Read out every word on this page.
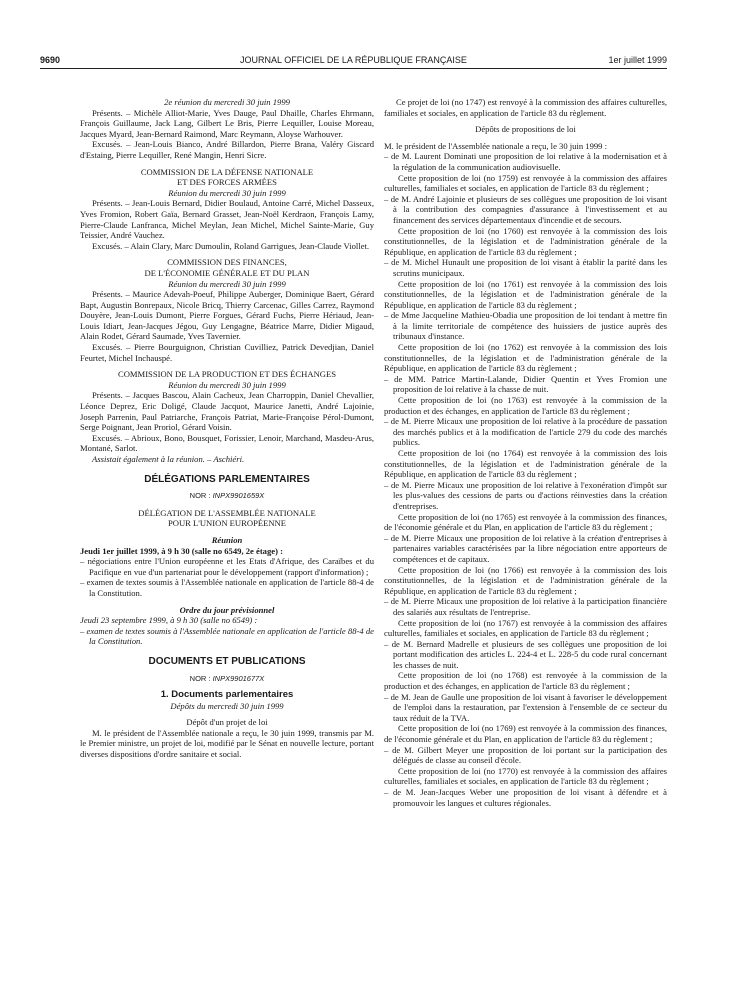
9690	JOURNAL OFFICIEL DE LA RÉPUBLIQUE FRANÇAISE	1er juillet 1999

2e réunion du mercredi 30 juin 1999

Présents. – Michèle Alliot-Marie, Yves Dauge, Paul Dhaille, Charles Ehrmann, François Guillaume, Jack Lang, Gilbert Le Bris, Pierre Lequiller, Louise Moreau, Jacques Myard, Jean-Bernard Raimond, Marc Reymann, Aloyse Warhouver.

Excusés. – Jean-Louis Bianco, André Billardon, Pierre Brana, Valéry Giscard d'Estaing, Pierre Lequiller, René Mangin, Henri Sicre.

COMMISSION DE LA DÉFENSE NATIONALE

ET DES FORCES ARMÉES

Réunion du mercredi 30 juin 1999

Présents. – Jean-Louis Bernard, Didier Boulaud, Antoine Carré, Michel Dasseux, Yves Fromion, Robert Gaïa, Bernard Grasset, Jean-Noël Kerdraon, François Lamy, Pierre-Claude Lanfranca, Michel Meylan, Jean Michel, Michel Sainte-Marie, Guy Teissier, André Vauchez.

Excusés. – Alain Clary, Marc Dumoulin, Roland Garrigues, Jean-Claude Viollet.

COMMISSION DES FINANCES,

DE L'ÉCONOMIE GÉNÉRALE ET DU PLAN

Réunion du mercredi 30 juin 1999

Présents. – Maurice Adevah-Poeuf, Philippe Auberger, Dominique Baert, Gérard Bapt, Augustin Bonrepaux, Nicole Bricq, Thierry Carcenac, Gilles Carrez, Raymond Douyère, Jean-Louis Dumont, Pierre Forgues, Gérard Fuchs, Pierre Hériaud, Jean-Louis Idiart, Jean-Jacques Jégou, Guy Lengagne, Béatrice Marre, Didier Migaud, Alain Rodet, Gérard Saumade, Yves Tavernier.

Excusés. – Pierre Bourguignon, Christian Cuvilliez, Patrick Devedjian, Daniel Feurtet, Michel Inchauspé.

COMMISSION DE LA PRODUCTION ET DES ÉCHANGES

Réunion du mercredi 30 juin 1999

Présents. – Jacques Bascou, Alain Cacheux, Jean Charroppin, Daniel Chevallier, Léonce Deprez, Eric Doligé, Claude Jacquot, Maurice Janetti, André Lajoinie, Joseph Parrenin, Paul Patriarche, François Patriat, Marie-Françoise Pérol-Dumont, Serge Poignant, Jean Proriol, Gérard Voisin.

Excusés. – Abrioux, Bono, Bousquet, Forissier, Lenoir, Marchand, Masdeu-Arus, Montané, Sarlot.

Assistait également à la réunion. – Aschiéri.

DÉLÉGATIONS PARLEMENTAIRES

NOR : INPX9901659X

DÉLÉGATION DE L'ASSEMBLÉE NATIONALE

POUR L'UNION EUROPÉENNE

Réunion

Jeudi 1er juillet 1999, à 9 h 30 (salle no 6549, 2e étage) :

– négociations entre l'Union européenne et les Etats d'Afrique, des Caraïbes et du Pacifique en vue d'un partenariat pour le développement (rapport d'information) ;

– examen de textes soumis à l'Assemblée nationale en application de l'article 88-4 de la Constitution.

Ordre du jour prévisionnel

Jeudi 23 septembre 1999, à 9 h 30 (salle no 6549) :

– examen de textes soumis à l'Assemblée nationale en application de l'article 88-4 de la Constitution.

DOCUMENTS ET PUBLICATIONS

NOR : INPX9901677X

1. Documents parlementaires

Dépôts du mercredi 30 juin 1999

Dépôt d'un projet de loi

M. le président de l'Assemblée nationale a reçu, le 30 juin 1999, transmis par M. le Premier ministre, un projet de loi, modifié par le Sénat en nouvelle lecture, portant diverses dispositions d'ordre sanitaire et social.

Ce projet de loi (no 1747) est renvoyé à la commission des affaires culturelles, familiales et sociales, en application de l'article 83 du règlement.

Dépôts de propositions de loi

M. le président de l'Assemblée nationale a reçu, le 30 juin 1999 :

– de M. Laurent Dominati une proposition de loi relative à la modernisation et à la régulation de la communication audiovisuelle.

Cette proposition de loi (no 1759) est renvoyée à la commission des affaires culturelles, familiales et sociales, en application de l'article 83 du règlement ;

– de M. André Lajoinie et plusieurs de ses collègues une proposition de loi visant à la contribution des compagnies d'assurance à l'investissement et au financement des services départementaux d'incendie et de secours.

Cette proposition de loi (no 1760) est renvoyée à la commission des lois constitutionnelles, de la législation et de l'administration générale de la République, en application de l'article 83 du règlement ;

– de M. Michel Hunault une proposition de loi visant à établir la parité dans les scrutins municipaux.

Cette proposition de loi (no 1761) est renvoyée à la commission des lois constitutionnelles, de la législation et de l'administration générale de la République, en application de l'article 83 du règlement ;

– de Mme Jacqueline Mathieu-Obadia une proposition de loi tendant à mettre fin à la limite territoriale de compétence des huissiers de justice auprès des tribunaux d'instance.

Cette proposition de loi (no 1762) est renvoyée à la commission des lois constitutionnelles, de la législation et de l'administration générale de la République, en application de l'article 83 du règlement ;

– de MM. Patrice Martin-Lalande, Didier Quentin et Yves Fromion une proposition de loi relative à la chasse de nuit.

Cette proposition de loi (no 1763) est renvoyée à la commission de la production et des échanges, en application de l'article 83 du règlement ;

– de M. Pierre Micaux une proposition de loi relative à la procédure de passation des marchés publics et à la modification de l'article 279 du code des marchés publics.

Cette proposition de loi (no 1764) est renvoyée à la commission des lois constitutionnelles, de la législation et de l'administration générale de la République, en application de l'article 83 du règlement ;

– de M. Pierre Micaux une proposition de loi relative à l'exonération d'impôt sur les plus-values des cessions de parts ou d'actions réinvesties dans la création d'entreprises.

Cette proposition de loi (no 1765) est renvoyée à la commission des finances, de l'économie générale et du Plan, en application de l'article 83 du règlement ;

– de M. Pierre Micaux une proposition de loi relative à la création d'entreprises à partenaires variables caractérisées par la libre négociation entre apporteurs de compétences et de capitaux.

Cette proposition de loi (no 1766) est renvoyée à la commission des lois constitutionnelles, de la législation et de l'administration générale de la République, en application de l'article 83 du règlement ;

– de M. Pierre Micaux une proposition de loi relative à la participation financière des salariés aux résultats de l'entreprise.

Cette proposition de loi (no 1767) est renvoyée à la commission des affaires culturelles, familiales et sociales, en application de l'article 83 du règlement ;

– de M. Bernard Madrelle et plusieurs de ses collègues une proposition de loi portant modification des articles L. 224-4 et L. 228-5 du code rural concernant les chasses de nuit.

Cette proposition de loi (no 1768) est renvoyée à la commission de la production et des échanges, en application de l'article 83 du règlement ;

– de M. Jean de Gaulle une proposition de loi visant à favoriser le développement de l'emploi dans la restauration, par l'extension à l'ensemble de ce secteur du taux réduit de la TVA.

Cette proposition de loi (no 1769) est renvoyée à la commission des finances, de l'économie générale et du Plan, en application de l'article 83 du règlement ;

– de M. Gilbert Meyer une proposition de loi portant sur la participation des délégués de classe au conseil d'école.

Cette proposition de loi (no 1770) est renvoyée à la commission des affaires culturelles, familiales et sociales, en application de l'article 83 du règlement ;

– de M. Jean-Jacques Weber une proposition de loi visant à défendre et à promouvoir les langues et cultures régionales.
